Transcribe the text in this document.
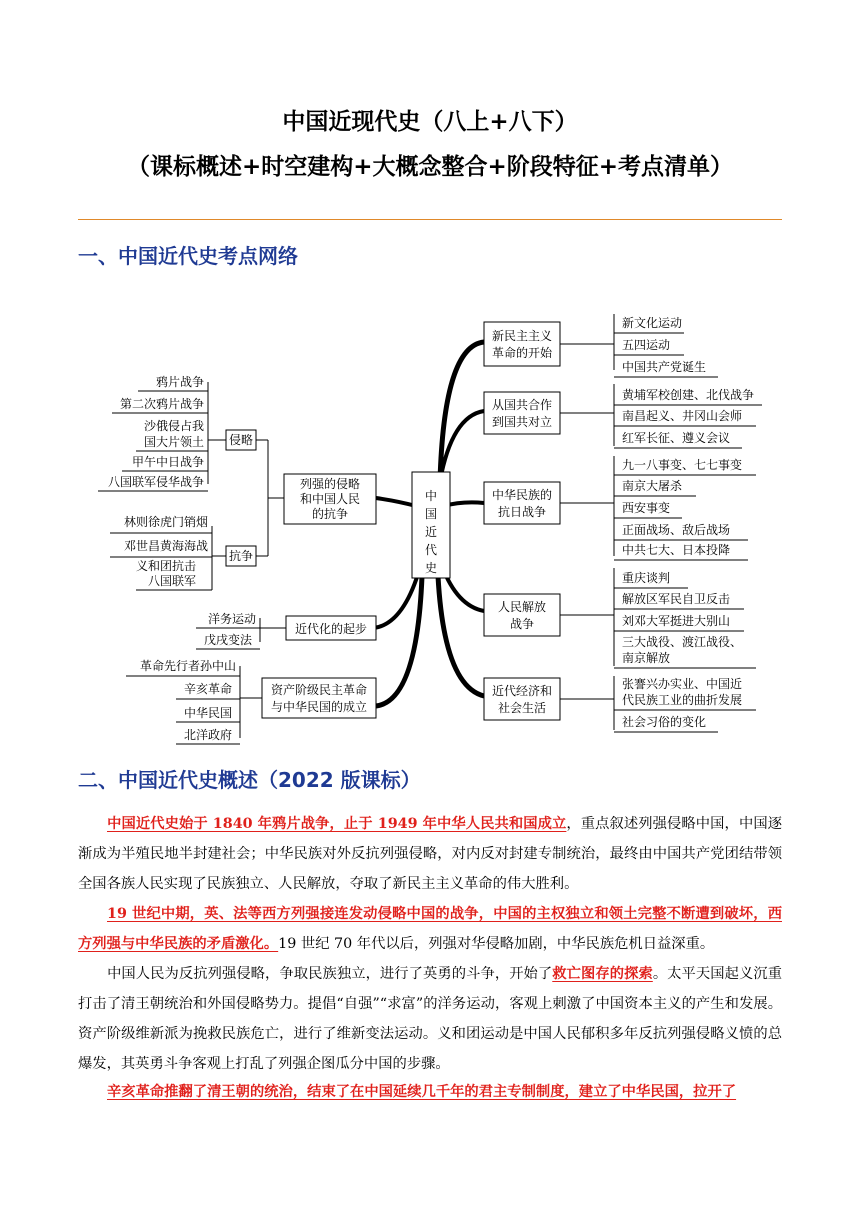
中国近现代史（八上+八下）
（课标概述+时空建构+大概念整合+阶段特征+考点清单）
一、中国近代史考点网络
中
国
近
代
史
列强的侵略
和中国人民
的抗争
侵略
鸦片战争
第二次鸦片战争
沙俄侵占我
国大片领土
甲午中日战争
八国联军侵华战争
抗争
林则徐虎门销烟
邓世昌黄海海战
义和团抗击
八国联军
近代化的起步
洋务运动
戊戌变法
资产阶级民主革命
与中华民国的成立
革命先行者孙中山
辛亥革命
中华民国
北洋政府
新民主主义
革命的开始
新文化运动
五四运动
中国共产党诞生
从国共合作
到国共对立
黄埔军校创建、北伐战争
南昌起义、井冈山会师
红军长征、遵义会议
中华民族的
抗日战争
九一八事变、七七事变
南京大屠杀
西安事变
正面战场、敌后战场
中共七大、日本投降
人民解放
战争
重庆谈判
解放区军民自卫反击
刘邓大军挺进大别山
三大战役、渡江战役、
南京解放
近代经济和
社会生活
张謇兴办实业、中国近
代民族工业的曲折发展
社会习俗的变化
二、中国近代史概述（2022 版课标）
中国近代史始于 1840 年鸦片战争，止于 1949 年中华人民共和国成立，重点叙述列强侵略中国，中国逐渐成为半殖民地半封建社会；中华民族对外反抗列强侵略，对内反对封建专制统治，最终由中国共产党团结带领全国各族人民实现了民族独立、人民解放，夺取了新民主主义革命的伟大胜利。
19 世纪中期，英、法等西方列强接连发动侵略中国的战争，中国的主权独立和领土完整不断遭到破坏，西方列强与中华民族的矛盾激化。19 世纪 70 年代以后，列强对华侵略加剧，中华民族危机日益深重。
中国人民为反抗列强侵略，争取民族独立，进行了英勇的斗争，开始了救亡图存的探索。太平天国起义沉重打击了清王朝统治和外国侵略势力。提倡“自强”“求富”的洋务运动，客观上刺激了中国资本主义的产生和发展。资产阶级维新派为挽救民族危亡，进行了维新变法运动。义和团运动是中国人民郁积多年反抗列强侵略义愤的总爆发，其英勇斗争客观上打乱了列强企图瓜分中国的步骤。
辛亥革命推翻了清王朝的统治，结束了在中国延续几千年的君主专制制度，建立了中华民国，拉开了
